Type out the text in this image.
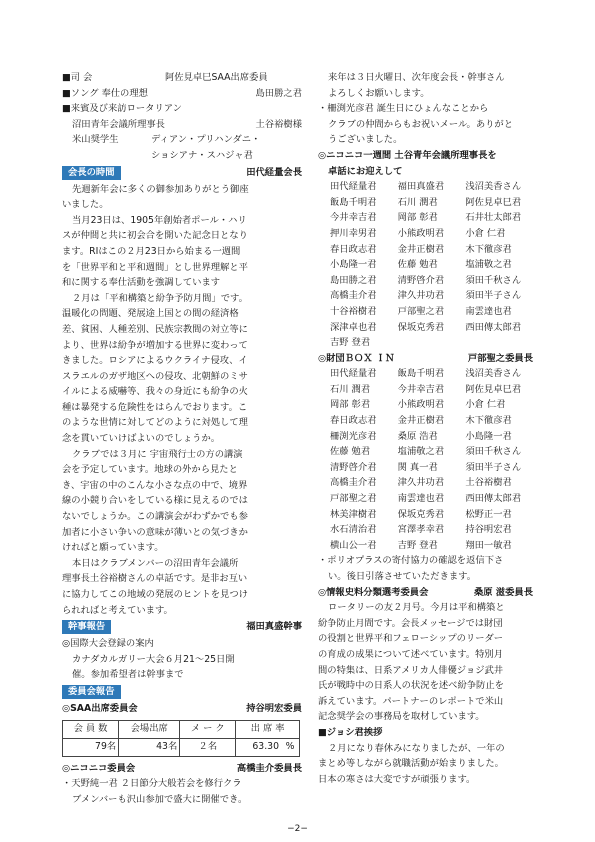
■司 会	阿佐見卓巳SAA出席委員
■ソング 奉仕の理想	島田勝之君
■来賓及び来訪ロータリアン
沼田青年会議所理事長	土谷裕樹様
米山奨学生	ディアン・プリハンダニ・
ショシアナ・スハジャ君
会長の時間	田代経量会長
先週新年会に多くの御参加ありがとう御座
いました。
当月23日は、1905年創始者ポール・ハリ
スが仲間と共に初会合を開いた記念日となり
ます。RIはこの２月23日から始まる一週間
を「世界平和と平和週間」とし世界理解と平
和に関する奉仕活動を強調しています
２月は「平和構築と紛争予防月間」です。
温暖化の問題、発展途上国との間の経済格
差、貧困、人種差別、民族宗教間の対立等に
より、世界は紛争が増加する世界に変わって
きました。ロシアによるウクライナ侵攻、イ
スラエルのガザ地区への侵攻、北朝鮮のミサ
イルによる威嚇等、我々の身近にも紛争の火
種は暴発する危険性をはらんでおります。こ
のような世情に対してどのように対処して理
念を貫いていけばよいのでしょうか。
クラブでは３月に 宇宙飛行士の方の講演
会を予定しています。地球の外から見たと
き、宇宙の中のこんな小さな点の中で、境界
線の小競り合いをしている様に見えるのでは
ないでしょうか。この講演会がわずかでも参
加者に小さい争いの意味が薄いとの気づきか
ければと願っています。
本日はクラブメンバーの沼田青年会議所
理事長土谷裕樹さんの卓話です。是非お互い
に協力してこの地域の発展のヒントを見つけ
られればと考えています。
幹事報告	福田真盛幹事
◎国際大会登録の案内
カナダカルガリー大会６月21〜25日開
催。参加希望者は幹事まで
委員会報告
◎SAA出席委員会	持谷明宏委員
会 員 数	会場出席	メ ー ク	出 席 率	
79名	43名	２名	63.30	%
◎ニコニコ委員会	高橋圭介委員長
・天野純一君 ２日節分大般若会を修行クラ
ブメンバーも沢山参加で盛大に開催でき。
来年は３日火曜日、次年度会長・幹事さん
よろしくお願いします。
・柵渕光彦君 誕生日にひょんなことから
クラブの仲間からもお祝いメール。ありがと
うございました。
◎ニコニコ一週間 土谷青年会議所理事長を
卓話にお迎えして
田代経量君	福田真盛君	浅沼美香さん
飯島千明君	石川 潤君	阿佐見卓巳君
今井幸吉君	岡部 彰君	石井壮太郎君
押川幸男君	小熊政明君	小倉 仁君
春日政志君	金井正樹君	木下徹彦君
小島隆一君	佐藤 勉君	塩浦敬之君
島田勝之君	清野啓介君	須田千秋さん
高橋圭介君	津久井功君	須田半子さん
十谷裕樹君	戸部聖之君	南雲達也君
深津卓也君	保坂克秀君	西田傳太郎君
吉野 登君
◎財団ＢＯＸ ＩＮ	戸部聖之委員長
田代経量君	飯島千明君	浅沼美香さん
石川 潤君	今井幸吉君	阿佐見卓巳君
岡部 彰君	小熊政明君	小倉 仁君
春日政志君	金井正樹君	木下徹彦君
柵渕光彦君	桑原 浩君	小島隆一君
佐藤 勉君	塩浦敬之君	須田千秋さん
清野啓介君	関 真一君	須田半子さん
高橋圭介君	津久井功君	土谷裕樹君
戸部聖之君	南雲達也君	西田傳太郎君
林美津樹君	保坂克秀君	松野正一君
水石清治君	宮澤孝幸君	持谷明宏君
横山公一君	吉野 登君	翔田一敏君
・ポリオプラスの寄付協力の確認を返信下さ
い。後日引落させていただきます。
◎情報史料分類選考委員会	桑原 滋委員長
ロータリーの友２月号。今月は平和構築と
紛争防止月間です。会長メッセージでは財団
の役割と世界平和フェローシップのリーダー
の育成の成果について述べています。特別月
間の特集は、日系アメリカ人俳優ジョジ武井
氏が戦時中の日系人の状況を述べ紛争防止を
訴えています。パートナーのレポートで米山
記念奨学会の事務局を取材しています。
■ジョシ君挨拶
２月になり春休みになりましたが、一年の
まとめ等しながら就職活動が始まりました。
日本の寒さは大変ですが頑張ります。
−2−
